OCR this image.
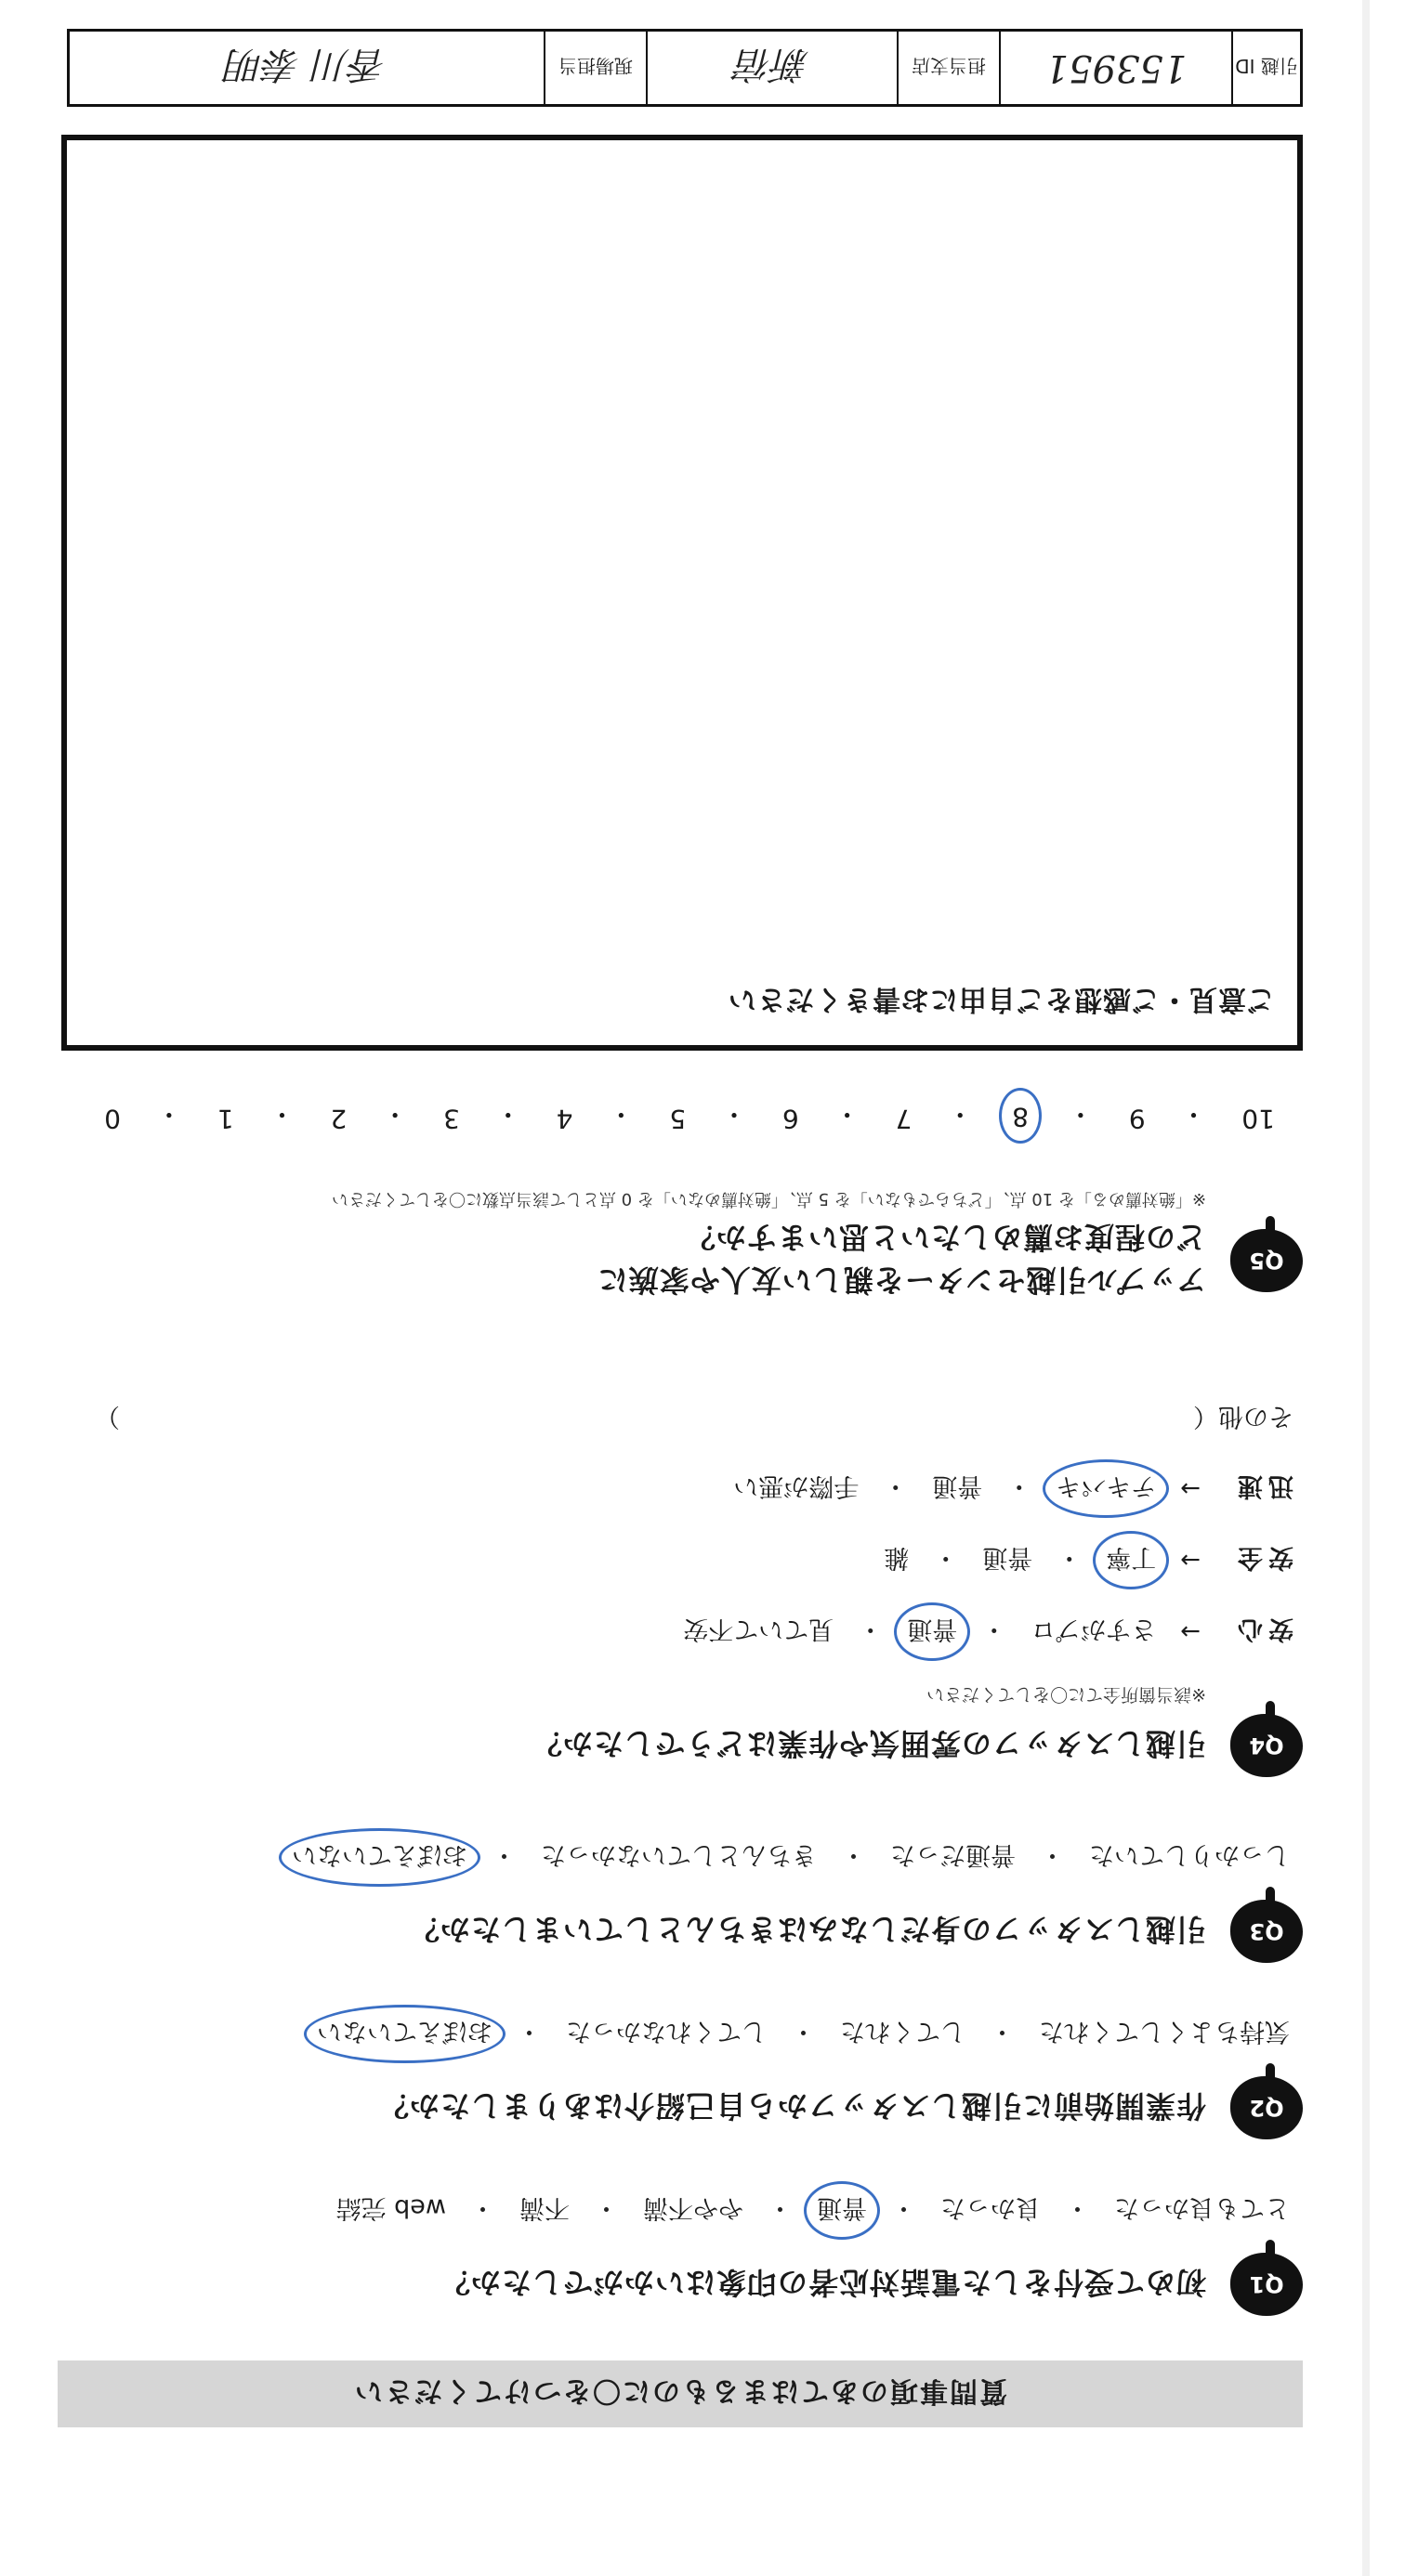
質問事項のあてはまるものに〇をつけてください
Q1
初めて受付をした電話対応者の印象はいかがでしたか？
とても良かった
・
良かった
・
普通
・
やや不満
・
不満
・
web 完結
Q2
作業開始前に引越しスタッフから自己紹介はありましたか？
気持ちよくしてくれた
・
してくれた
・
してくれなかった
・
おぼえていない
Q3
引越しスタッフの身だしなみはきちんとしていましたか？
しっかりしていた
・
普通だった
・
きちんとしていなかった
・
おぼえていない
Q4
引越しスタッフの雰囲気や作業はどうでしたか？
※該当箇所全てに〇をしてください
安心
→
さすがプロ
・
普通
・
見ていて不安
安全
→
丁寧
・
普通
・
雑
迅速
→
テキパキ
・
普通
・
手際が悪い
その他（
）
Q5
アップル引越センターを親しい友人や家族に
どの程度お薦めしたいと思いますか？
※「絶対薦める」を 10 点、「どちらでもない」を 5 点、「絶対薦めない」を 0 点として該当点数に〇をしてください
10
・
9
・
8
・
7
・
6
・
5
・
4
・
3
・
2
・
1
・
0
ご意見・ご感想をご自由にお書きください
引越 ID
153951
担当支店
新宿
現場担当
香川 泰明
